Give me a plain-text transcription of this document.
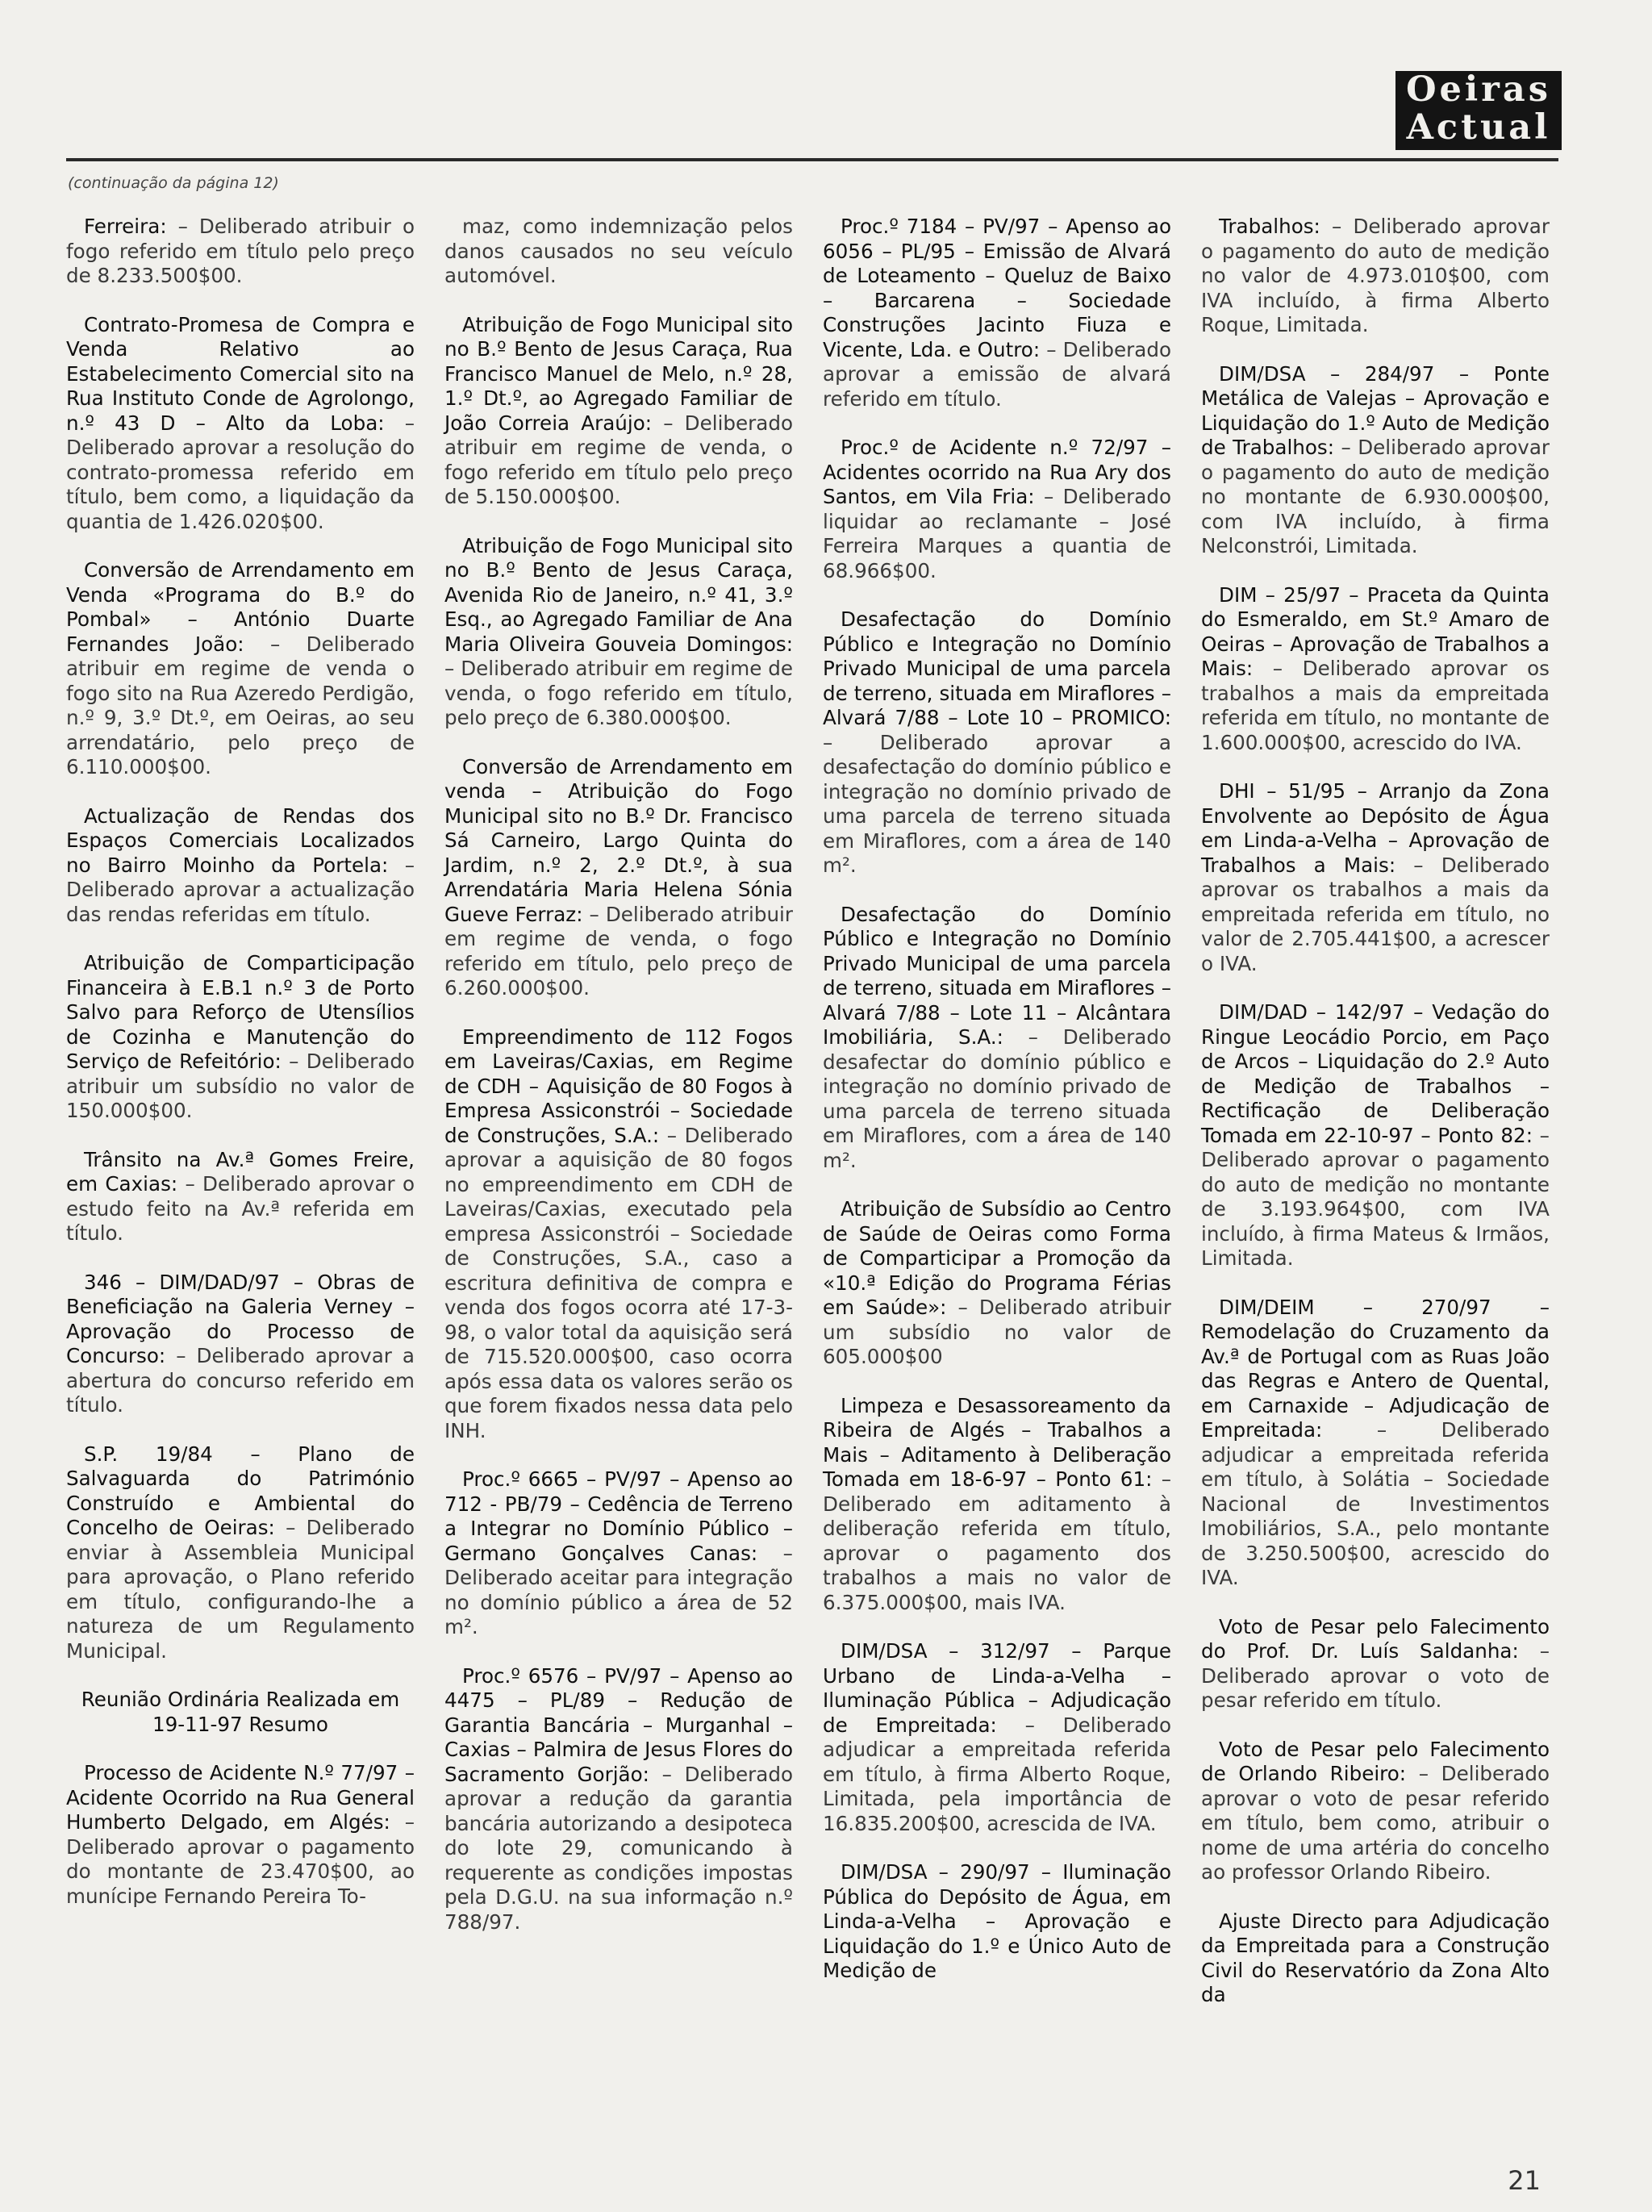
Oeiras
Actual
(continuação da página 12)

Ferreira: – Deliberado atribuir o fogo referido em título pelo preço de 8.233.500$00.

Contrato-Promesa de Compra e Venda Relativo ao Estabelecimento Comercial sito na Rua Instituto Conde de Agrolongo, n.º 43 D – Alto da Loba: – Deliberado aprovar a resolução do contrato-promessa referido em título, bem como, a liquidação da quantia de 1.426.020$00.

Conversão de Arrendamento em Venda «Programa do B.º do Pombal» – António Duarte Fernandes João: – Deliberado atribuir em regime de venda o fogo sito na Rua Azeredo Perdigão, n.º 9, 3.º Dt.º, em Oeiras, ao seu arrendatário, pelo preço de 6.110.000$00.

Actualização de Rendas dos Espaços Comerciais Localizados no Bairro Moinho da Portela: – Deliberado aprovar a actualização das rendas referidas em título.

Atribuição de Comparticipação Financeira à E.B.1 n.º 3 de Porto Salvo para Reforço de Utensílios de Cozinha e Manutenção do Serviço de Refeitório: – Deliberado atribuir um subsídio no valor de 150.000$00.

Trânsito na Av.ª Gomes Freire, em Caxias: – Deliberado aprovar o estudo feito na Av.ª referida em título.

346 – DIM/DAD/97 – Obras de Beneficiação na Galeria Verney – Aprovação do Processo de Concurso: – Deliberado aprovar a abertura do concurso referido em título.

S.P. 19/84 – Plano de Salvaguarda do Património Construído e Ambiental do Concelho de Oeiras: – Deliberado enviar à Assembleia Municipal para aprovação, o Plano referido em título, configurando-lhe a natureza de um Regulamento Municipal.

Reunião Ordinária Realizada em 19-11-97 Resumo

Processo de Acidente N.º 77/97 – Acidente Ocorrido na Rua General Humberto Delgado, em Algés: – Deliberado aprovar o pagamento do montante de 23.470$00, ao munícipe Fernando Pereira To-

maz, como indemnização pelos danos causados no seu veículo automóvel.

Atribuição de Fogo Municipal sito no B.º Bento de Jesus Caraça, Rua Francisco Manuel de Melo, n.º 28, 1.º Dt.º, ao Agregado Familiar de João Correia Araújo: – Deliberado atribuir em regime de venda, o fogo referido em título pelo preço de 5.150.000$00.

Atribuição de Fogo Municipal sito no B.º Bento de Jesus Caraça, Avenida Rio de Janeiro, n.º 41, 3.º Esq., ao Agregado Familiar de Ana Maria Oliveira Gouveia Domingos: – Deliberado atribuir em regime de venda, o fogo referido em título, pelo preço de 6.380.000$00.

Conversão de Arrendamento em venda – Atribuição do Fogo Municipal sito no B.º Dr. Francisco Sá Carneiro, Largo Quinta do Jardim, n.º 2, 2.º Dt.º, à sua Arrendatária Maria Helena Sónia Gueve Ferraz: – Deliberado atribuir em regime de venda, o fogo referido em título, pelo preço de 6.260.000$00.

Empreendimento de 112 Fogos em Laveiras/Caxias, em Regime de CDH – Aquisição de 80 Fogos à Empresa Assiconstrói – Sociedade de Construções, S.A.: – Deliberado aprovar a aquisição de 80 fogos no empreendimento em CDH de Laveiras/Caxias, executado pela empresa Assiconstrói – Sociedade de Construções, S.A., caso a escritura definitiva de compra e venda dos fogos ocorra até 17-3-98, o valor total da aquisição será de 715.520.000$00, caso ocorra após essa data os valores serão os que forem fixados nessa data pelo INH.

Proc.º 6665 – PV/97 – Apenso ao 712 - PB/79 – Cedência de Terreno a Integrar no Domínio Público – Germano Gonçalves Canas: – Deliberado aceitar para integração no domínio público a área de 52 m².

Proc.º 6576 – PV/97 – Apenso ao 4475 – PL/89 – Redução de Garantia Bancária – Murganhal – Caxias – Palmira de Jesus Flores do Sacramento Gorjão: – Deliberado aprovar a redução da garantia bancária autorizando a desipoteca do lote 29, comunicando à requerente as condições impostas pela D.G.U. na sua informação n.º 788/97.

Proc.º 7184 – PV/97 – Apenso ao 6056 – PL/95 – Emissão de Alvará de Loteamento – Queluz de Baixo – Barcarena – Sociedade Construções Jacinto Fiuza e Vicente, Lda. e Outro: – Deliberado aprovar a emissão de alvará referido em título.

Proc.º de Acidente n.º 72/97 – Acidentes ocorrido na Rua Ary dos Santos, em Vila Fria: – Deliberado liquidar ao reclamante – José Ferreira Marques a quantia de 68.966$00.

Desafectação do Domínio Público e Integração no Domínio Privado Municipal de uma parcela de terreno, situada em Miraflores – Alvará 7/88 – Lote 10 – PROMICO: – Deliberado aprovar a desafectação do domínio público e integração no domínio privado de uma parcela de terreno situada em Miraflores, com a área de 140 m².

Desafectação do Domínio Público e Integração no Domínio Privado Municipal de uma parcela de terreno, situada em Miraflores – Alvará 7/88 – Lote 11 – Alcântara Imobiliária, S.A.: – Deliberado desafectar do domínio público e integração no domínio privado de uma parcela de terreno situada em Miraflores, com a área de 140 m².

Atribuição de Subsídio ao Centro de Saúde de Oeiras como Forma de Comparticipar a Promoção da «10.ª Edição do Programa Férias em Saúde»: – Deliberado atribuir um subsídio no valor de 605.000$00

Limpeza e Desassoreamento da Ribeira de Algés – Trabalhos a Mais – Aditamento à Deliberação Tomada em 18-6-97 – Ponto 61: – Deliberado em aditamento à deliberação referida em título, aprovar o pagamento dos trabalhos a mais no valor de 6.375.000$00, mais IVA.

DIM/DSA – 312/97 – Parque Urbano de Linda-a-Velha – Iluminação Pública – Adjudicação de Empreitada: – Deliberado adjudicar a empreitada referida em título, à firma Alberto Roque, Limitada, pela importância de 16.835.200$00, acrescida de IVA.

DIM/DSA – 290/97 – Iluminação Pública do Depósito de Água, em Linda-a-Velha – Aprovação e Liquidação do 1.º e Único Auto de Medição de

Trabalhos: – Deliberado aprovar o pagamento do auto de medição no valor de 4.973.010$00, com IVA incluído, à firma Alberto Roque, Limitada.

DIM/DSA – 284/97 – Ponte Metálica de Valejas – Aprovação e Liquidação do 1.º Auto de Medição de Trabalhos: – Deliberado aprovar o pagamento do auto de medição no montante de 6.930.000$00, com IVA incluído, à firma Nelconstrói, Limitada.

DIM – 25/97 – Praceta da Quinta do Esmeraldo, em St.º Amaro de Oeiras – Aprovação de Trabalhos a Mais: – Deliberado aprovar os trabalhos a mais da empreitada referida em título, no montante de 1.600.000$00, acrescido do IVA.

DHI – 51/95 – Arranjo da Zona Envolvente ao Depósito de Água em Linda-a-Velha – Aprovação de Trabalhos a Mais: – Deliberado aprovar os trabalhos a mais da empreitada referida em título, no valor de 2.705.441$00, a acrescer o IVA.

DIM/DAD – 142/97 – Vedação do Ringue Leocádio Porcio, em Paço de Arcos – Liquidação do 2.º Auto de Medição de Trabalhos – Rectificação de Deliberação Tomada em 22-10-97 – Ponto 82: – Deliberado aprovar o pagamento do auto de medição no montante de 3.193.964$00, com IVA incluído, à firma Mateus & Irmãos, Limitada.

DIM/DEIM – 270/97 – Remodelação do Cruzamento da Av.ª de Portugal com as Ruas João das Regras e Antero de Quental, em Carnaxide – Adjudicação de Empreitada: – Deliberado adjudicar a empreitada referida em título, à Solátia – Sociedade Nacional de Investimentos Imobiliários, S.A., pelo montante de 3.250.500$00, acrescido do IVA.

Voto de Pesar pelo Falecimento do Prof. Dr. Luís Saldanha: – Deliberado aprovar o voto de pesar referido em título.

Voto de Pesar pelo Falecimento de Orlando Ribeiro: – Deliberado aprovar o voto de pesar referido em título, bem como, atribuir o nome de uma artéria do concelho ao professor Orlando Ribeiro.

Ajuste Directo para Adjudicação da Empreitada para a Construção Civil do Reservatório da Zona Alto da

21
